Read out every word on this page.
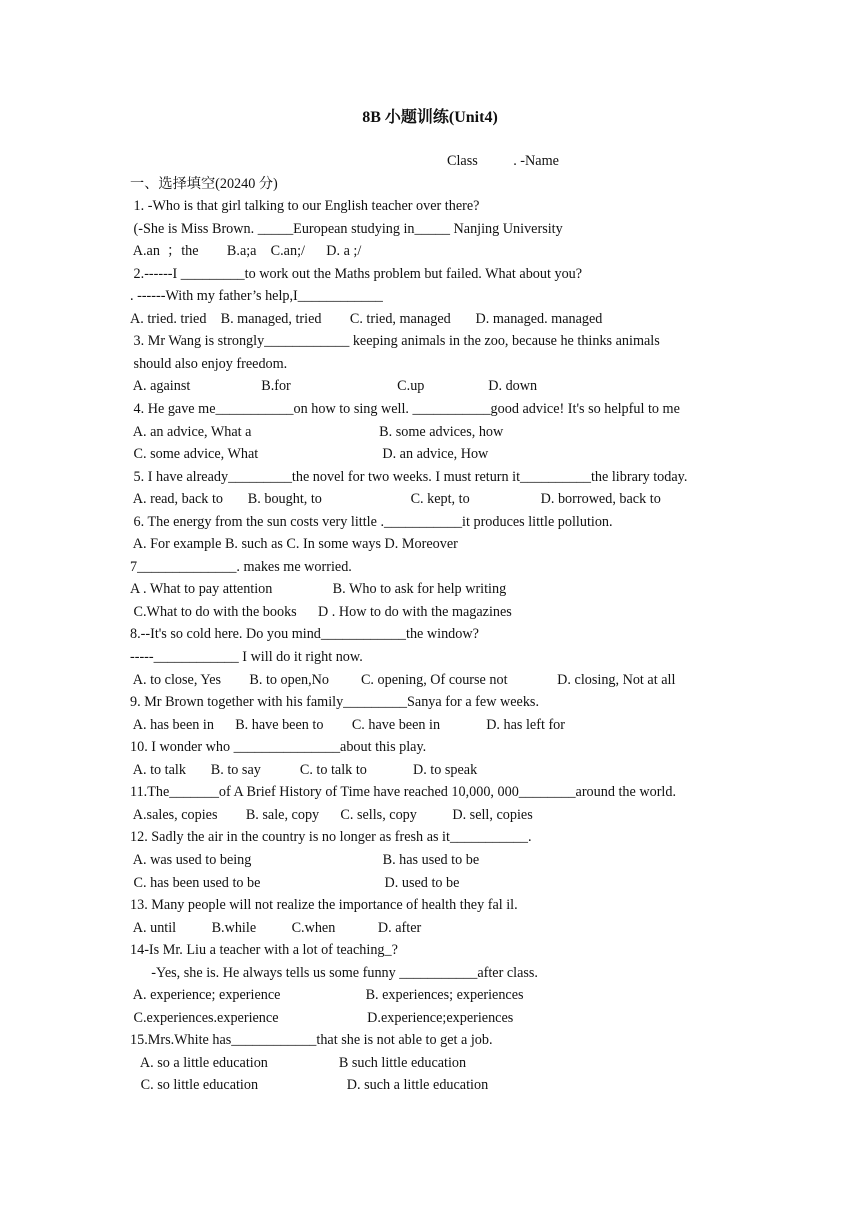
8B 小题训练(Unit4)
Class          . -Name
一、选择填空(20240 分)
1. -Who is that girl talking to our English teacher over there?
(-She is Miss Brown. _____European studying in_____ Nanjing University
A.an  ；the        B.a;a    C.an;/      D. a ;/
2.------I _________to work out the Maths problem but failed. What about you?
. ------With my father’s help,I____________
A. tried. tried    B. managed, tried        C. tried, managed       D. managed. managed
3. Mr Wang is strongly____________ keeping animals in the zoo, because he thinks animals
should also enjoy freedom.
A. against                    B.for                              C.up                  D. down
4. He gave me___________on how to sing well. ___________good advice! It's so helpful to me
A. an advice, What a                                    B. some advices, how
C. some advice, What                                   D. an advice, How
5. I have already_________the novel for two weeks. I must return it__________the library today.
A. read, back to       B. bought, to                         C. kept, to                    D. borrowed, back to
6. The energy from the sun costs very little .___________it produces little pollution.
A. For example B. such as C. In some ways D. Moreover
7______________. makes me worried.
A . What to pay attention                 B. Who to ask for help writing
C.What to do with the books      D . How to do with the magazines
8.--It's so cold here. Do you mind____________the window?
-----____________ I will do it right now.
A. to close, Yes        B. to open,No         C. opening, Of course not              D. closing, Not at all
9. Mr Brown together with his family_________Sanya for a few weeks.
A. has been in      B. have been to        C. have been in             D. has left for
10. I wonder who _______________about this play.
A. to talk       B. to say           C. to talk to             D. to speak
11.The_______of A Brief History of Time have reached 10,000, 000________around the world.
A.sales, copies        B. sale, copy      C. sells, copy          D. sell, copies
12. Sadly the air in the country is no longer as fresh as it___________.
A. was used to being                                     B. has used to be
C. has been used to be                                   D. used to be
13. Many people will not realize the importance of health they fal il.
A. until          B.while          C.when            D. after
14-Is Mr. Liu a teacher with a lot of teaching_?
-Yes, she is. He always tells us some funny ___________after class.
A. experience; experience                        B. experiences; experiences
C.experiences.experience                         D.experience;experiences
15.Mrs.White has____________that she is not able to get a job.
A. so a little education                    B such little education
C. so little education                         D. such a little education
